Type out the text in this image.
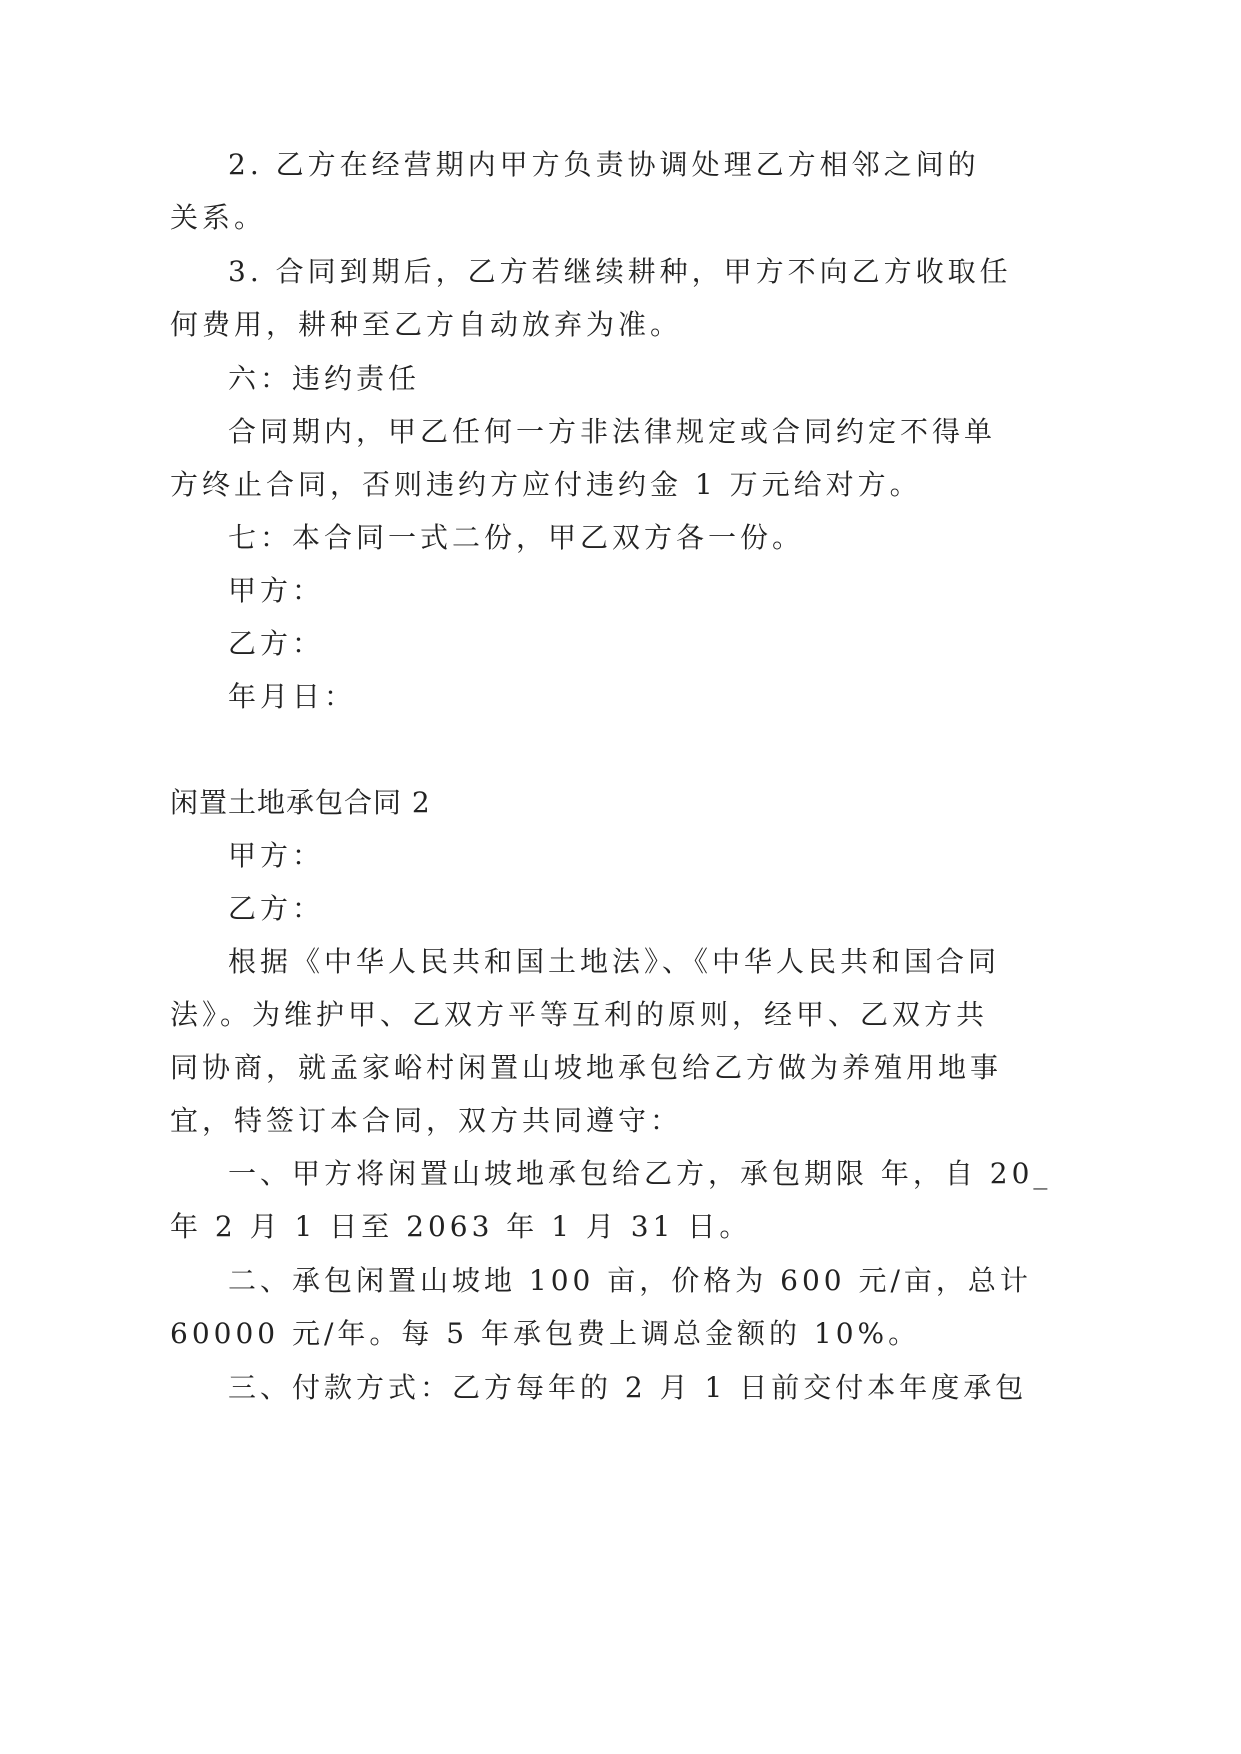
2. 乙方在经营期内甲方负责协调处理乙方相邻之间的
关系。
3. 合同到期后，乙方若继续耕种，甲方不向乙方收取任
何费用，耕种至乙方自动放弃为准。
六：违约责任
合同期内，甲乙任何一方非法律规定或合同约定不得单
方终止合同，否则违约方应付违约金 1 万元给对方。
七：本合同一式二份，甲乙双方各一份。
甲方：
乙方：
年月日：
闲置土地承包合同 2
甲方：
乙方：
根据《中华人民共和国土地法》、《中华人民共和国合同
法》。为维护甲、乙双方平等互利的原则，经甲、乙双方共
同协商，就孟家峪村闲置山坡地承包给乙方做为养殖用地事
宜，特签订本合同，双方共同遵守：
一、甲方将闲置山坡地承包给乙方，承包期限 年，自 20_
年 2 月 1 日至 2063 年 1 月 31 日。
二、承包闲置山坡地 100 亩，价格为 600 元/亩，总计
60000 元/年。每 5 年承包费上调总金额的 10%。
三、付款方式：乙方每年的 2 月 1 日前交付本年度承包
